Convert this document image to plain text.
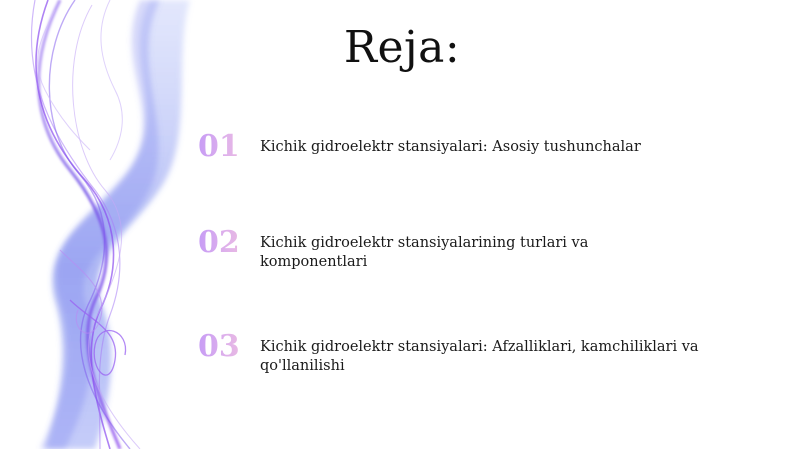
Reja:
01	Kichik gidroelektr stansiyalari: Asosiy tushunchalar
02	Kichik gidroelektr stansiyalarining turlari va komponentlari
03	Kichik gidroelektr stansiyalari: Afzalliklari, kamchiliklari va qo'llanilishi
